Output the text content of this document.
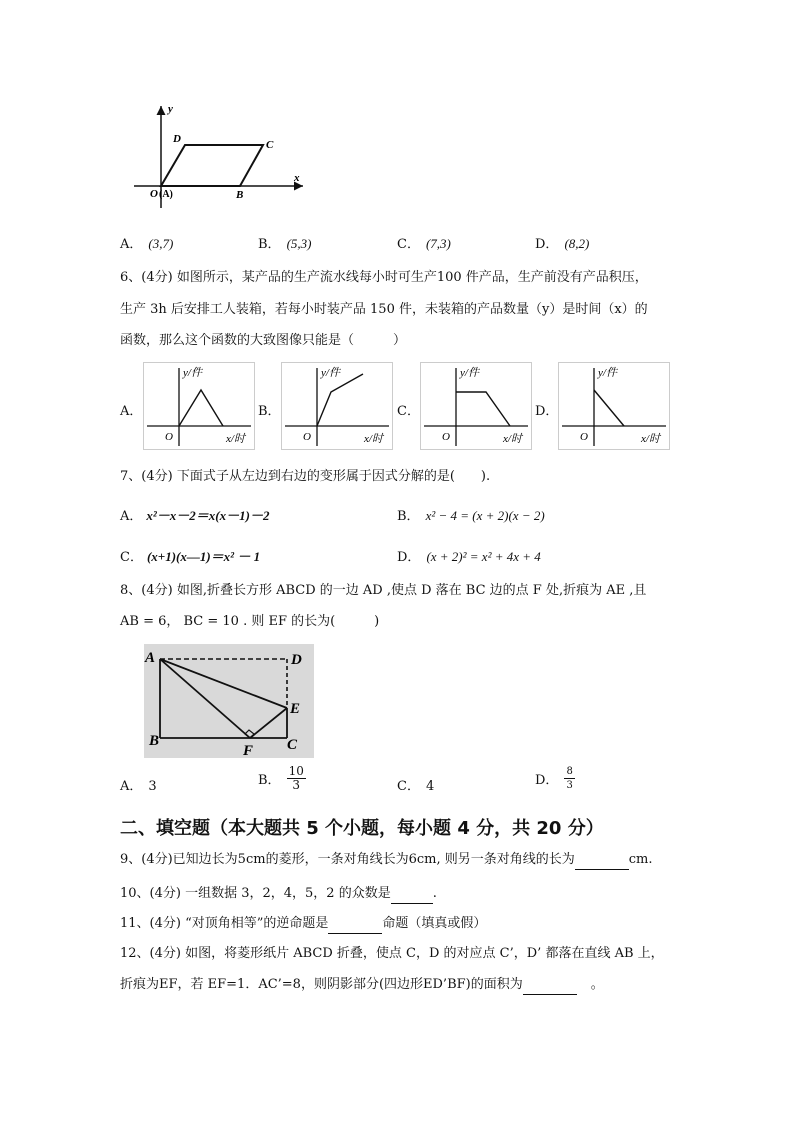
y
x
D	C
O (A)	B
A． (3,7)	B． (5,3)	C． (7,3)	D． (8,2)
6、(4分) 如图所示，某产品的生产流水线每小时可生产100 件产品，生产前没有产品积压，
生产 3h 后安排工人装箱，若每小时装产品 150 件，未装箱的产品数量（y）是时间（x）的
函数，那么这个函数的大致图像只能是（　　　）
A．	B．	C．	D．
y/件
x/时
O
y/件
x/时
O
y/件
x/时
O
y/件
x/时
O
7、(4分) 下面式子从左边到右边的变形属于因式分解的是(　　).
A． x²－x－2＝x(x－1)－2	B． x² − 4 = (x + 2)(x − 2)
C． (x+1)(x—1)＝x² － 1	D． (x + 2)² = x² + 4x + 4
8、(4分) 如图,折叠长方形 ABCD 的一边 AD ,使点 D 落在 BC 边的点 F 处,折痕为 AE ,且
AB = 6， BC = 10 . 则 EF 的长为(　　　)
A	D
E
B
F C
A． 3	B． $\frac{10}{3}$	C． 4	D． $\frac{8}{3}$
二、填空题（本大题共 5 个小题，每小题 4 分，共 20 分）
9、(4分)已知边长为5cm的菱形，一条对角线长为6cm, 则另一条对角线的长为	cm.
10、(4分) 一组数据 3，2，4，5，2 的众数是	.
11、(4分) “对顶角相等”的逆命题是	命题（填真或假）
12、(4分) 如图，将菱形纸片 ABCD 折叠，使点 C，D 的对应点 C’，D’ 都落在直线 AB 上，
折痕为EF，若 EF=1．AC’=8，则阴影部分(四边形ED’BF)的面积为	。
